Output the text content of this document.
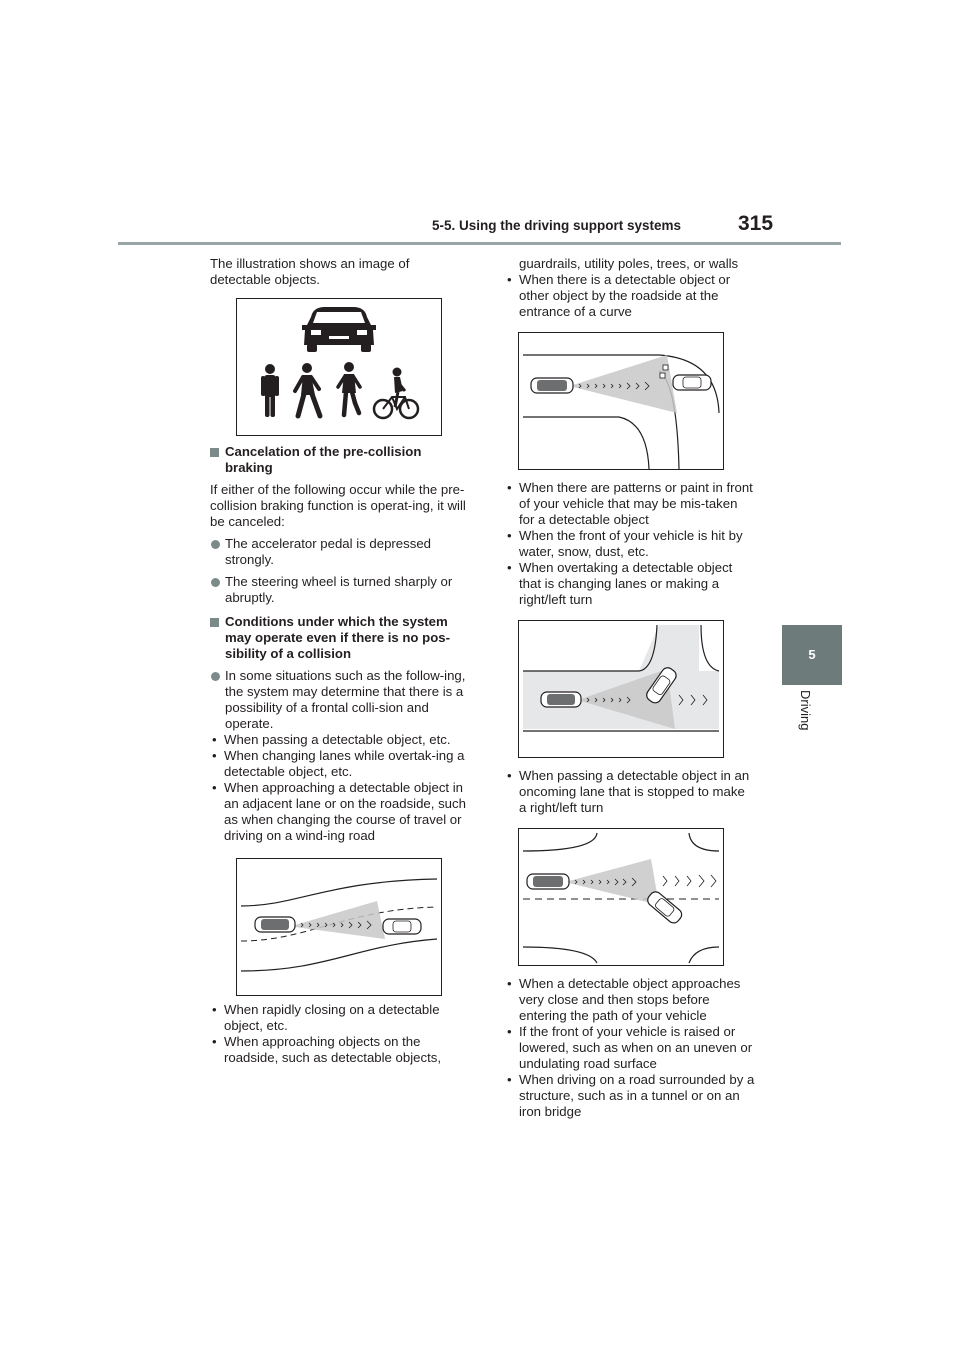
5-5. Using the driving support systems	315
5
Driving

The illustration shows an image of detectable objects.

Cancelation of the pre-collision braking

If either of the following occur while the pre-collision braking function is operat-ing, it will be canceled:

The accelerator pedal is depressed strongly.
The steering wheel is turned sharply or abruptly.
Conditions under which the system may operate even if there is no pos-sibility of a collision
In some situations such as the follow-ing, the system may determine that there is a possibility of a frontal colli-sion and operate.
• When passing a detectable object, etc.
• When changing lanes while overtak-ing a detectable object, etc.
• When approaching a detectable object in an adjacent lane or on the roadside, such as when changing the course of travel or driving on a wind-ing road
• When rapidly closing on a detectable object, etc.
• When approaching objects on the roadside, such as detectable objects,

guardrails, utility poles, trees, or walls

• When there is a detectable object or other object by the roadside at the entrance of a curve
• When there are patterns or paint in front of your vehicle that may be mis-taken for a detectable object
• When the front of your vehicle is hit by water, snow, dust, etc.
• When overtaking a detectable object that is changing lanes or making a right/left turn
• When passing a detectable object in an oncoming lane that is stopped to make a right/left turn
• When a detectable object approaches very close and then stops before entering the path of your vehicle
• If the front of your vehicle is raised or lowered, such as when on an uneven or undulating road surface
• When driving on a road surrounded by a structure, such as in a tunnel or on an iron bridge
